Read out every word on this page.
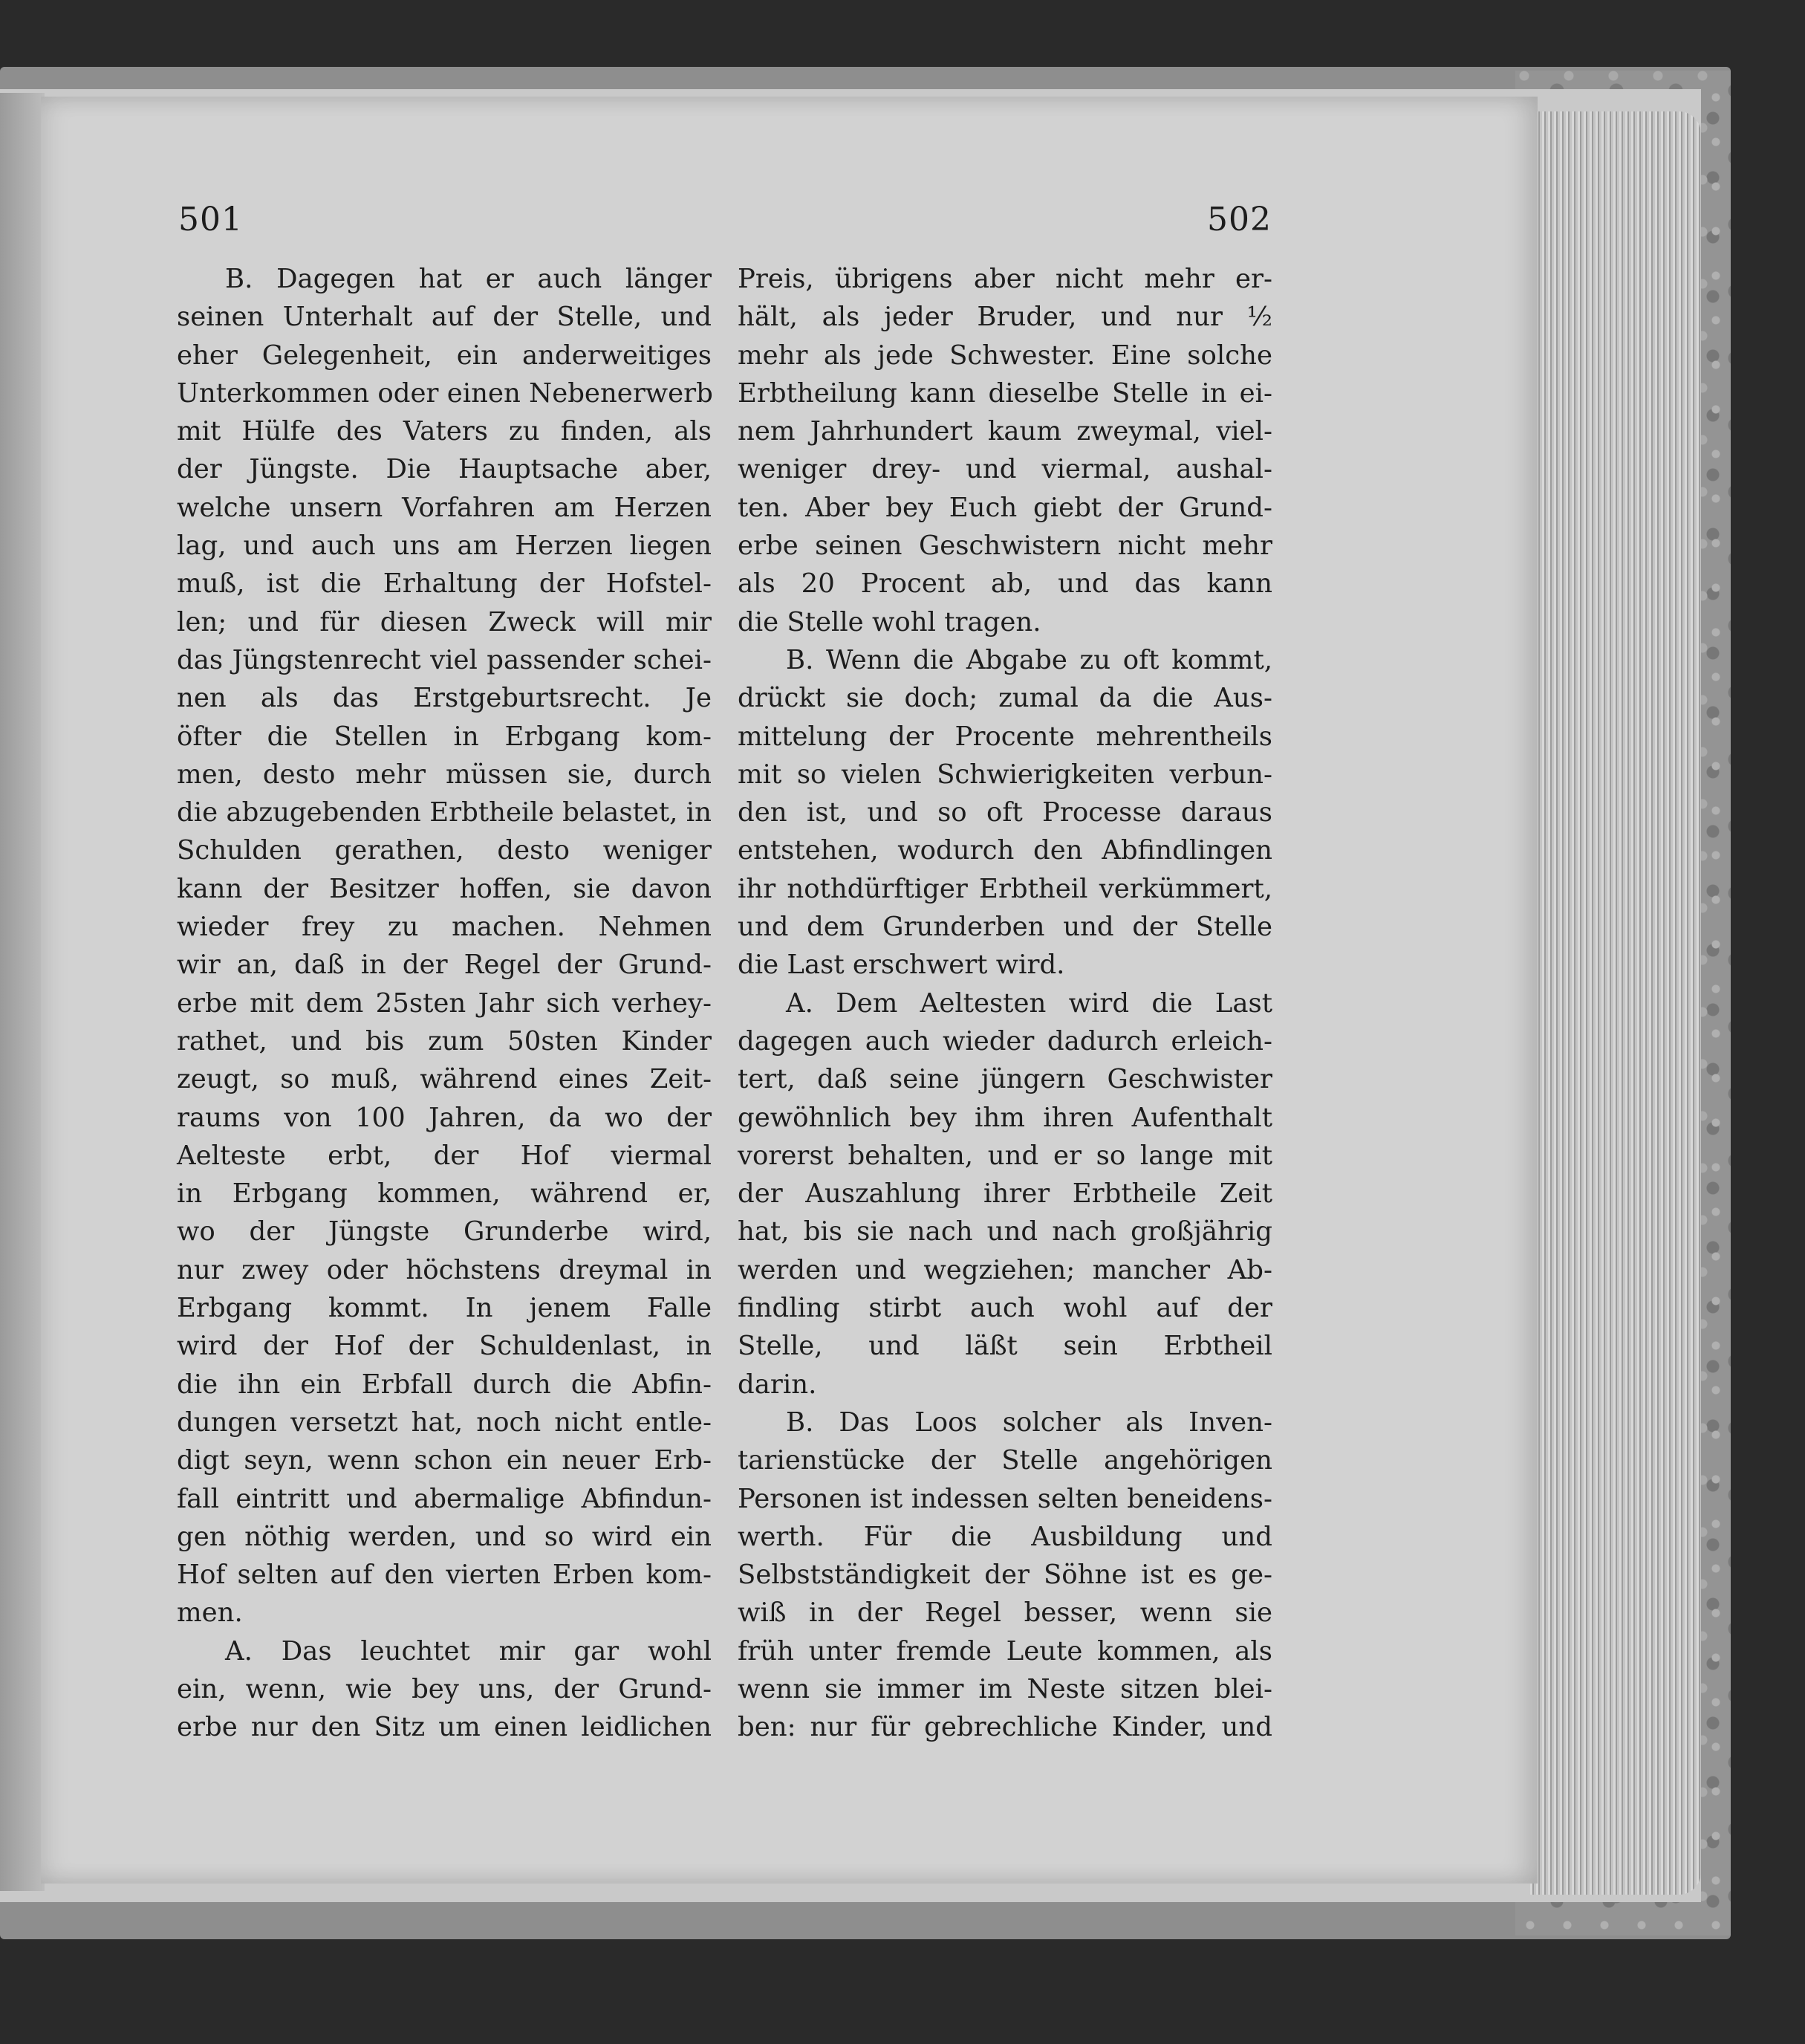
501	502
B. Dagegen hat er auch länger
seinen Unterhalt auf der Stelle, und
eher Gelegenheit, ein anderweitiges
Unterkommen oder einen Nebenerwerb
mit Hülfe des Vaters zu finden, als
der Jüngste. Die Hauptsache aber,
welche unsern Vorfahren am Herzen
lag, und auch uns am Herzen liegen
muß, ist die Erhaltung der Hofstel-
len; und für diesen Zweck will mir
das Jüngstenrecht viel passender schei-
nen als das Erstgeburtsrecht. Je
öfter die Stellen in Erbgang kom-
men, desto mehr müssen sie, durch
die abzugebenden Erbtheile belastet, in
Schulden gerathen, desto weniger
kann der Besitzer hoffen, sie davon
wieder frey zu machen. Nehmen
wir an, daß in der Regel der Grund-
erbe mit dem 25sten Jahr sich verhey-
rathet, und bis zum 50sten Kinder
zeugt, so muß, während eines Zeit-
raums von 100 Jahren, da wo der
Aelteste erbt, der Hof viermal
in Erbgang kommen, während er,
wo der Jüngste Grunderbe wird,
nur zwey oder höchstens dreymal in
Erbgang kommt. In jenem Falle
wird der Hof der Schuldenlast, in
die ihn ein Erbfall durch die Abfin-
dungen versetzt hat, noch nicht entle-
digt seyn, wenn schon ein neuer Erb-
fall eintritt und abermalige Abfindun-
gen nöthig werden, und so wird ein
Hof selten auf den vierten Erben kom-
men.
A. Das leuchtet mir gar wohl
ein, wenn, wie bey uns, der Grund-
erbe nur den Sitz um einen leidlichen
Preis, übrigens aber nicht mehr er-
hält, als jeder Bruder, und nur ½
mehr als jede Schwester. Eine solche
Erbtheilung kann dieselbe Stelle in ei-
nem Jahrhundert kaum zweymal, viel-
weniger drey- und viermal, aushal-
ten. Aber bey Euch giebt der Grund-
erbe seinen Geschwistern nicht mehr
als 20 Procent ab, und das kann
die Stelle wohl tragen.
B. Wenn die Abgabe zu oft kommt,
drückt sie doch; zumal da die Aus-
mittelung der Procente mehrentheils
mit so vielen Schwierigkeiten verbun-
den ist, und so oft Processe daraus
entstehen, wodurch den Abfindlingen
ihr nothdürftiger Erbtheil verkümmert,
und dem Grunderben und der Stelle
die Last erschwert wird.
A. Dem Aeltesten wird die Last
dagegen auch wieder dadurch erleich-
tert, daß seine jüngern Geschwister
gewöhnlich bey ihm ihren Aufenthalt
vorerst behalten, und er so lange mit
der Auszahlung ihrer Erbtheile Zeit
hat, bis sie nach und nach großjährig
werden und wegziehen; mancher Ab-
findling stirbt auch wohl auf der
Stelle, und läßt sein Erbtheil
darin.
B. Das Loos solcher als Inven-
tarienstücke der Stelle angehörigen
Personen ist indessen selten beneidens-
werth. Für die Ausbildung und
Selbstständigkeit der Söhne ist es ge-
wiß in der Regel besser, wenn sie
früh unter fremde Leute kommen, als
wenn sie immer im Neste sitzen blei-
ben: nur für gebrechliche Kinder, und
